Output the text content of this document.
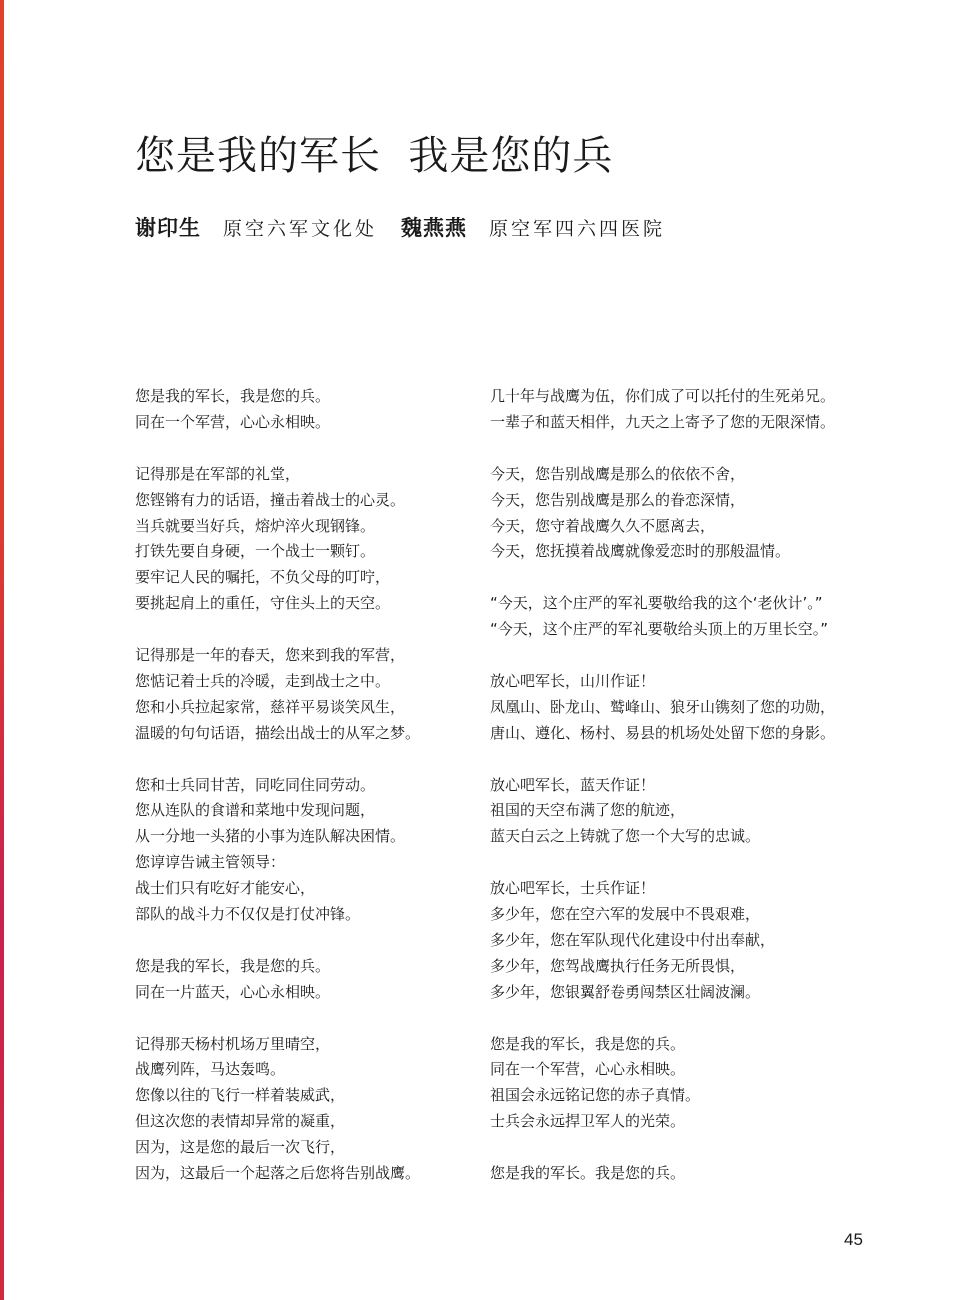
您是我的军长  我是您的兵
谢印生 原空六军文化处 魏燕燕 原空军四六四医院
您是我的军长，我是您的兵。
同在一个军营，心心永相映。
记得那是在军部的礼堂，
您铿锵有力的话语，撞击着战士的心灵。
当兵就要当好兵，熔炉淬火现钢锋。
打铁先要自身硬，一个战士一颗钉。
要牢记人民的嘱托，不负父母的叮咛，
要挑起肩上的重任，守住头上的天空。
记得那是一年的春天，您来到我的军营，
您惦记着士兵的冷暖，走到战士之中。
您和小兵拉起家常，慈祥平易谈笑风生，
温暖的句句话语，描绘出战士的从军之梦。
您和士兵同甘苦，同吃同住同劳动。
您从连队的食谱和菜地中发现问题，
从一分地一头猪的小事为连队解决困情。
您谆谆告诫主管领导：
战士们只有吃好才能安心，
部队的战斗力不仅仅是打仗冲锋。
您是我的军长，我是您的兵。
同在一片蓝天，心心永相映。
记得那天杨村机场万里晴空，
战鹰列阵，马达轰鸣。
您像以往的飞行一样着装威武，
但这次您的表情却异常的凝重，
因为，这是您的最后一次飞行，
因为，这最后一个起落之后您将告别战鹰。
几十年与战鹰为伍，你们成了可以托付的生死弟兄。
一辈子和蓝天相伴，九天之上寄予了您的无限深情。
今天，您告别战鹰是那么的依依不舍，
今天，您告别战鹰是那么的眷恋深情，
今天，您守着战鹰久久不愿离去，
今天，您抚摸着战鹰就像爱恋时的那般温情。
“今天，这个庄严的军礼要敬给我的这个‘老伙计’。”
“今天，这个庄严的军礼要敬给头顶上的万里长空。”
放心吧军长，山川作证！
凤凰山、卧龙山、鹫峰山、狼牙山镌刻了您的功勋，
唐山、遵化、杨村、易县的机场处处留下您的身影。
放心吧军长，蓝天作证！
祖国的天空布满了您的航迹，
蓝天白云之上铸就了您一个大写的忠诚。
放心吧军长，士兵作证！
多少年，您在空六军的发展中不畏艰难，
多少年，您在军队现代化建设中付出奉献，
多少年，您驾战鹰执行任务无所畏惧，
多少年，您银翼舒卷勇闯禁区壮阔波澜。
您是我的军长，我是您的兵。
同在一个军营，心心永相映。
祖国会永远铭记您的赤子真情。
士兵会永远捍卫军人的光荣。
您是我的军长。我是您的兵。
45
